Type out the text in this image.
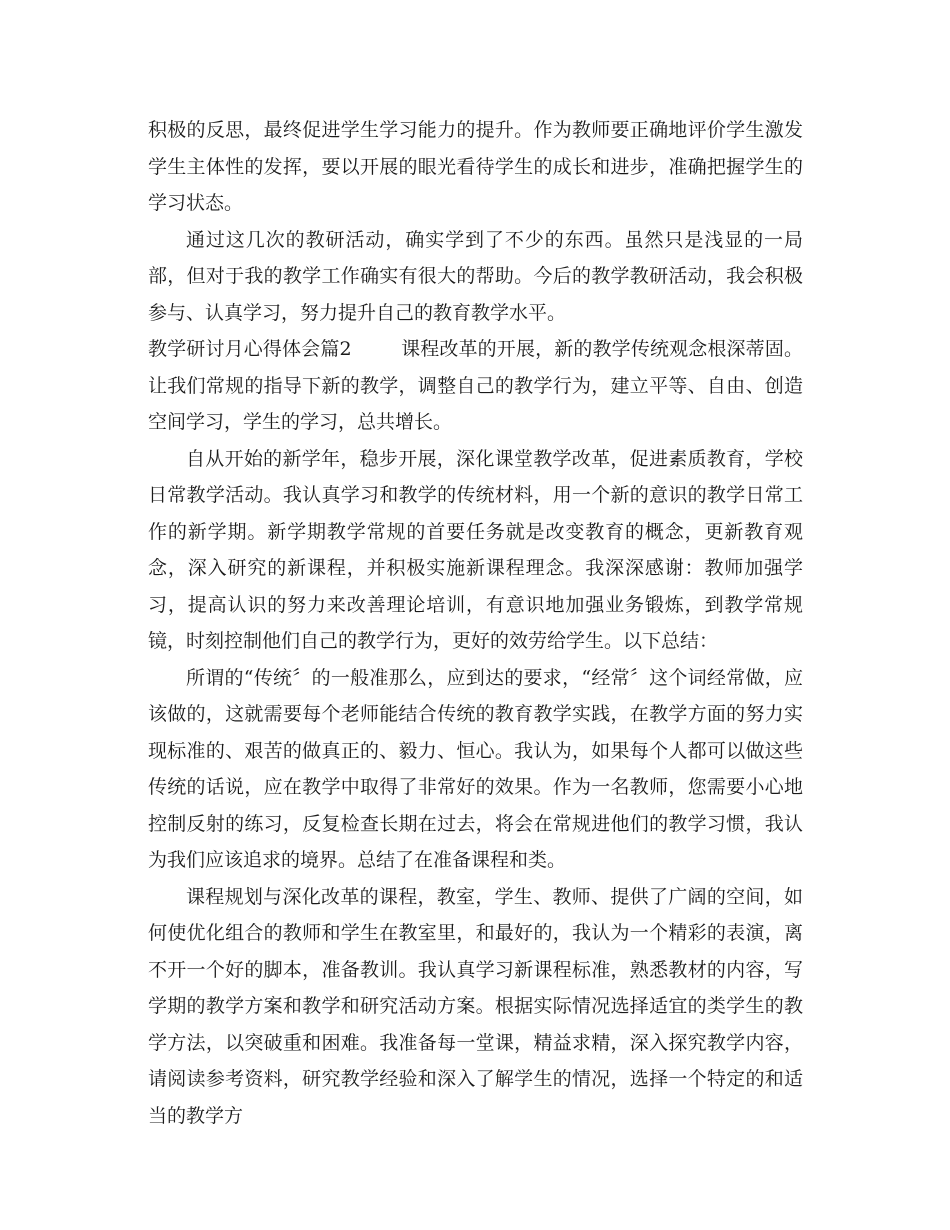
积极的反思，最终促进学生学习能力的提升。作为教师要正确地评价学生激发学生主体性的发挥，要以开展的眼光看待学生的成长和进步，准确把握学生的学习状态。

通过这几次的教研活动，确实学到了不少的东西。虽然只是浅显的一局部，但对于我的教学工作确实有很大的帮助。今后的教学教研活动，我会积极参与、认真学习，努力提升自己的教育教学水平。

教学研讨月心得体会篇2	课程改革的开展，新的教学传统观念根深蒂固。让我们常规的指导下新的教学，调整自己的教学行为，建立平等、自由、创造空间学习，学生的学习，总共增长。

自从开始的新学年，稳步开展，深化课堂教学改革，促进素质教育，学校日常教学活动。我认真学习和教学的传统材料，用一个新的意识的教学日常工作的新学期。新学期教学常规的首要任务就是改变教育的概念，更新教育观念，深入研究的新课程，并积极实施新课程理念。我深深感谢：教师加强学习，提高认识的努力来改善理论培训，有意识地加强业务锻炼，到教学常规镜，时刻控制他们自己的教学行为，更好的效劳给学生。以下总结：

所谓的“传统〞的一般准那么，应到达的要求，“经常〞这个词经常做，应该做的，这就需要每个老师能结合传统的教育教学实践，在教学方面的努力实现标准的、艰苦的做真正的、毅力、恒心。我认为，如果每个人都可以做这些传统的话说，应在教学中取得了非常好的效果。作为一名教师，您需要小心地控制反射的练习，反复检查长期在过去，将会在常规进他们的教学习惯，我认为我们应该追求的境界。总结了在准备课程和类。

课程规划与深化改革的课程，教室，学生、教师、提供了广阔的空间，如何使优化组合的教师和学生在教室里，和最好的，我认为一个精彩的表演，离不开一个好的脚本，准备教训。我认真学习新课程标准，熟悉教材的内容，写学期的教学方案和教学和研究活动方案。根据实际情况选择适宜的类学生的教学方法，以突破重和困难。我准备每一堂课，精益求精，深入探究教学内容，请阅读参考资料，研究教学经验和深入了解学生的情况，选择一个特定的和适当的教学方
